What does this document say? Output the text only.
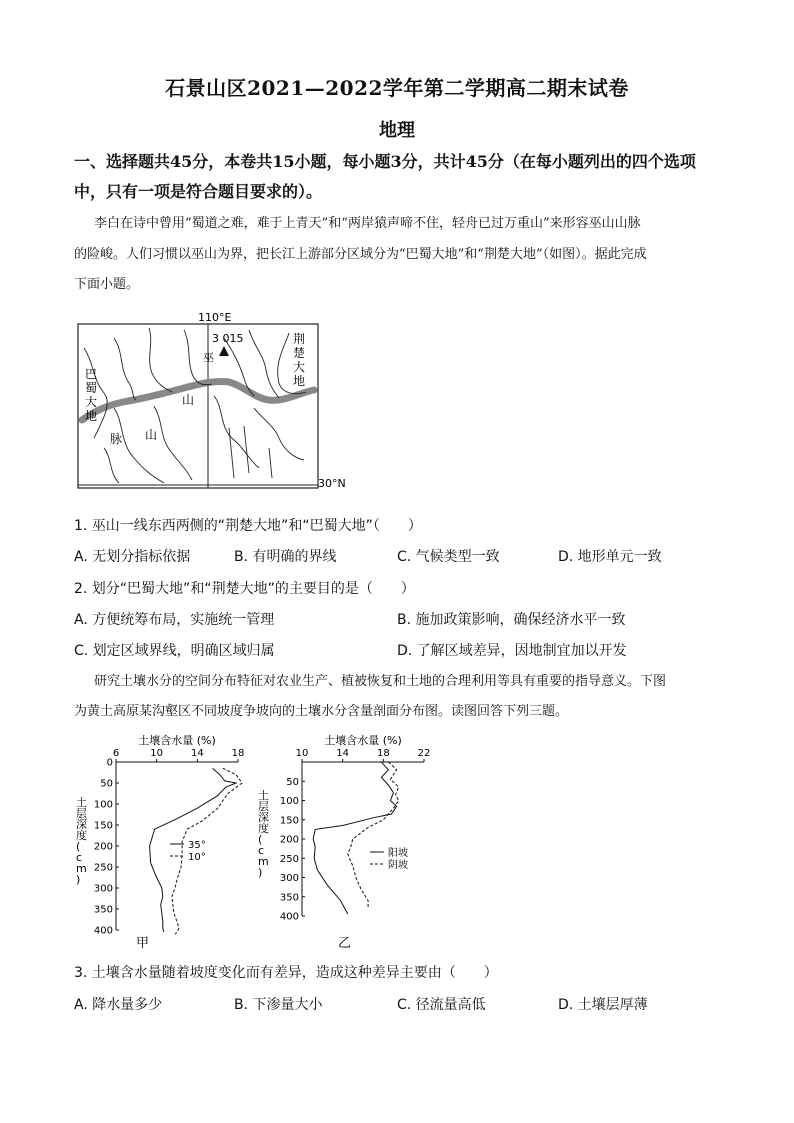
石景山区2021—2022学年第二学期高二期末试卷
地理
一、选择题共45分，本卷共15小题，每小题3分，共计45分（在每小题列出的四个选项
中，只有一项是符合题目要求的）。
李白在诗中曾用“蜀道之难，难于上青天”和“两岸猿声啼不住，轻舟已过万重山”来形容巫山山脉
的险峻。人们习惯以巫山为界，把长江上游部分区域分为“巴蜀大地”和“荆楚大地”（如图）。据此完成
下面小题。
110°E
30°N
3 015
巫
山
山
脉
巴
蜀
大
地
荆
楚
大
地
1. 巫山一线东西两侧的“荆楚大地”和“巴蜀大地”（　　）
A. 无划分指标依据	B. 有明确的界线	C. 气候类型一致	D. 地形单元一致
2. 划分“巴蜀大地”和“荆楚大地”的主要目的是（　　）
A. 方便统筹布局，实施统一管理	B. 施加政策影响，确保经济水平一致
C. 划定区域界线，明确区域归属	D. 了解区域差异，因地制宜加以开发
研究土壤水分的空间分布特征对农业生产、植被恢复和土地的合理利用等具有重要的指导意义。下图
为黄土高原某沟壑区不同坡度争坡向的土壤水分含量剖面分布图。读图回答下列三题。
土壤含水量 (%)
6	10	14	18
0
50
100
150
200
250
300
350
400
土层深度( c m )
35°
10°
甲
土壤含水量 (%)
10	14	18	22
50
100
150
200
250
300
350
400
土层深度( c m )
阳坡
阴坡
乙
3. 土壤含水量随着坡度变化而有差异，造成这种差异主要由（　　）
A. 降水量多少	B. 下渗量大小	C. 径流量高低	D. 土壤层厚薄
